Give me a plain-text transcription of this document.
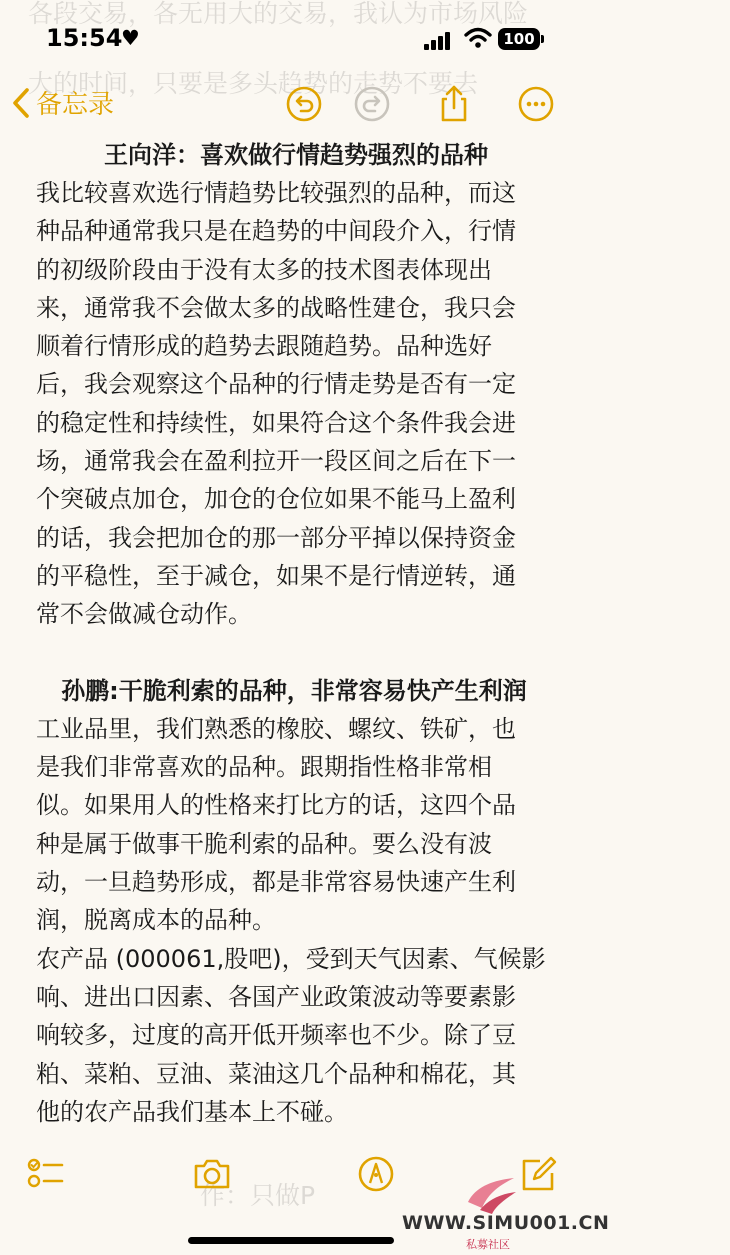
各段交易，各无用大的交易，我认为市场风险
大的时间，只要是多头趋势的走势不要去
作：只做P
15:54
♥	100
备忘录
王向洋：喜欢做行情趋势强烈的品种
我比较喜欢选行情趋势比较强烈的品种，而这
种品种通常我只是在趋势的中间段介入，行情
的初级阶段由于没有太多的技术图表体现出
来，通常我不会做太多的战略性建仓，我只会
顺着行情形成的趋势去跟随趋势。品种选好
后，我会观察这个品种的行情走势是否有一定
的稳定性和持续性，如果符合这个条件我会进
场，通常我会在盈利拉开一段区间之后在下一
个突破点加仓，加仓的仓位如果不能马上盈利
的话，我会把加仓的那一部分平掉以保持资金
的平稳性，至于减仓，如果不是行情逆转，通
常不会做减仓动作。
孙鹏:干脆利索的品种，非常容易快产生利润
工业品里，我们熟悉的橡胶、螺纹、铁矿，也
是我们非常喜欢的品种。跟期指性格非常相
似。如果用人的性格来打比方的话，这四个品
种是属于做事干脆利索的品种。要么没有波
动，一旦趋势形成，都是非常容易快速产生利
润，脱离成本的品种。
农产品 (000061,股吧)，受到天气因素、气候影
响、进出口因素、各国产业政策波动等要素影
响较多，过度的高开低开频率也不少。除了豆
粕、菜粕、豆油、菜油这几个品种和棉花，其
他的农产品我们基本上不碰。
WWW.SIMU001.CN
私募社区
